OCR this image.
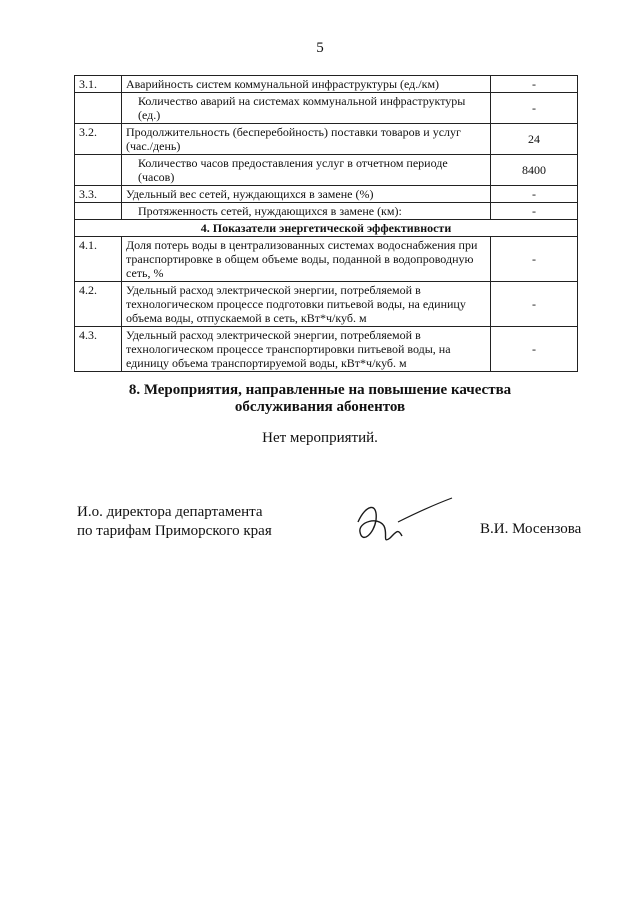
5
3.1.	Аварийность систем коммунальной инфраструктуры (ед./км)	-
	Количество аварий на системах коммунальной инфраструктуры (ед.)	-
3.2.	Продолжительность (бесперебойность) поставки товаров и услуг (час./день)	24
	Количество часов предоставления услуг в отчетном периоде (часов)	8400
3.3.	Удельный вес сетей, нуждающихся в замене (%)	-
	Протяженность сетей, нуждающихся в замене (км):	-
4. Показатели энергетической эффективности		
4.1.	Доля потерь воды в централизованных системах водоснабжения при транспортировке в общем объеме воды, поданной в водопроводную сеть, %	-
4.2.	Удельный расход электрической энергии, потребляемой в технологическом процессе подготовки питьевой воды, на единицу объема воды, отпускаемой в сеть, кВт*ч/куб. м	-
4.3.	Удельный расход электрической энергии, потребляемой в технологическом процессе транспортировки питьевой воды, на единицу объема транспортируемой воды, кВт*ч/куб. м	-
8. Мероприятия, направленные на повышение качества
обслуживания абонентов
Нет мероприятий.
И.о. директора департамента
по тарифам Приморского края	В.И. Мосензова
